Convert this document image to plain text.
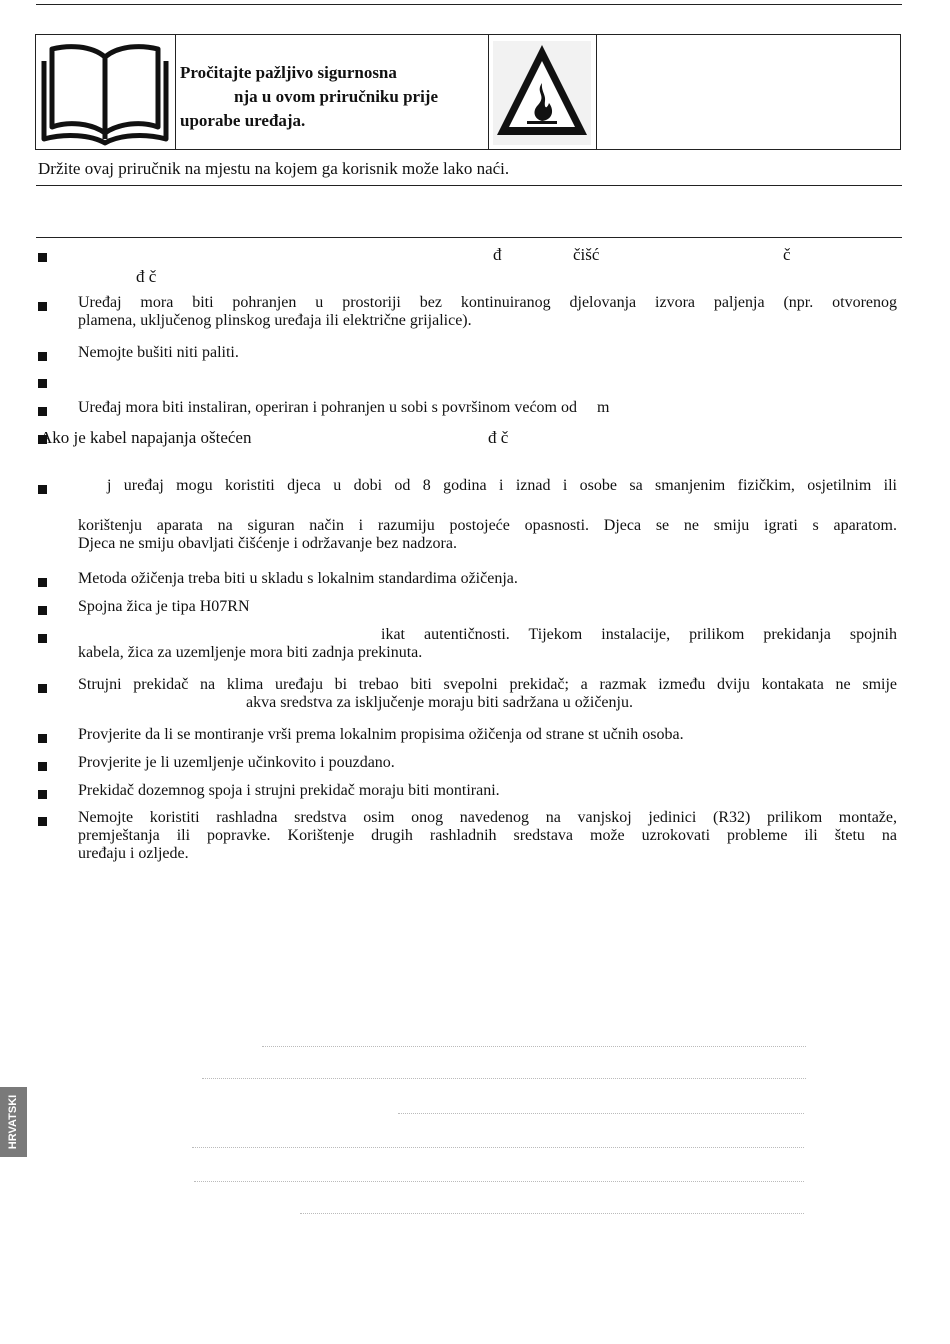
Pročitajte pažljivo sigurnosna
nja u ovom priručniku prije
uporabe uređaja.
Držite ovaj priručnik na mjestu na kojem ga korisnik može lako naći.
đ	čišć	č
đ č
Uređaj mora biti pohranjen u prostoriji bez kontinuiranog djelovanja izvora paljenja (npr. otvorenog
plamena, uključenog plinskog uređaja ili električne grijalice).
Nemojte bušiti niti paliti.
Uređaj mora biti instaliran, operiran i pohranjen u sobi s površinom većom od     m
Ako je kabel napajanja oštećen	đ č
j uređaj mogu koristiti djeca u dobi od 8 godina i iznad i osobe sa smanjenim fizičkim, osjetilnim ili
korištenju aparata na siguran način i razumiju postojeće opasnosti. Djeca se ne smiju igrati s aparatom.
Djeca ne smiju obavljati čišćenje i održavanje bez nadzora.
Metoda ožičenja treba biti u skladu s lokalnim standardima ožičenja.
Spojna žica je tipa H07RN
ikat autentičnosti. Tijekom instalacije, prilikom prekidanja spojnih
kabela, žica za uzemljenje mora biti zadnja prekinuta.
Strujni prekidač na klima uređaju bi trebao biti svepolni prekidač; a razmak između dviju kontakata ne smije
akva sredstva za isključenje moraju biti sadržana u ožičenju.
Provjerite da li se montiranje vrši prema lokalnim propisima ožičenja od strane st učnih osoba.
Provjerite je li uzemljenje učinkovito i pouzdano.
Prekidač dozemnog spoja i strujni prekidač moraju biti montirani.
Nemojte koristiti rashladna sredstva osim onog navedenog na vanjskoj jedinici (R32) prilikom montaže,
premještanja ili popravke. Korištenje drugih rashladnih sredstava može uzrokovati probleme ili štetu na
uređaju i ozljede.
HRVATSKI
